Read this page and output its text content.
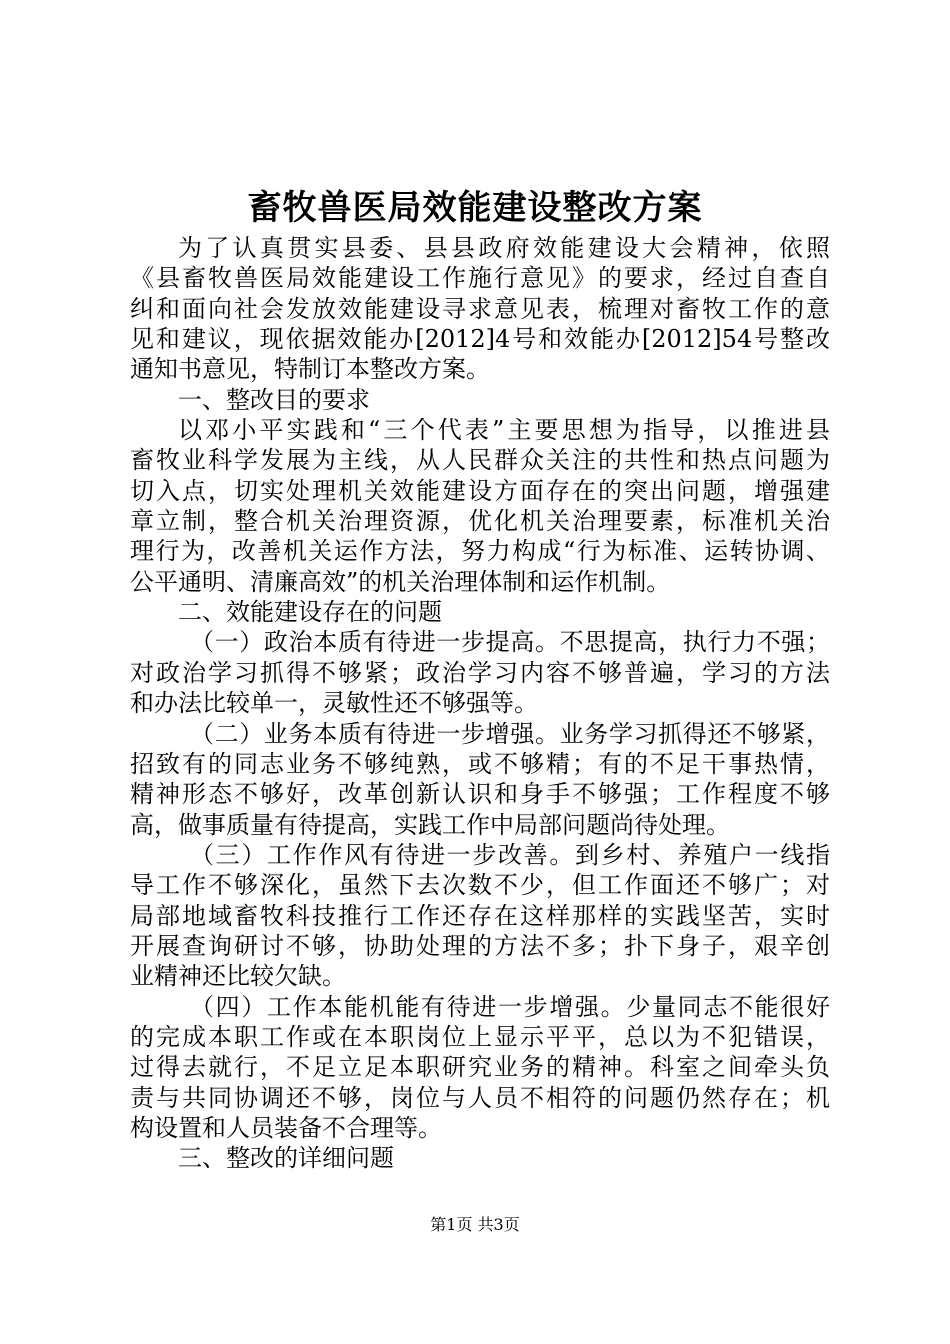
畜牧兽医局效能建设整改方案
为了认真贯实县委、县县政府效能建设大会精神，依照
《县畜牧兽医局效能建设工作施行意见》的要求，经过自查自
纠和面向社会发放效能建设寻求意见表，梳理对畜牧工作的意
见和建议，现依据效能办[2012]4号和效能办[2012]54号整改
通知书意见，特制订本整改方案。
一、整改目的要求
以邓小平实践和“三个代表”主要思想为指导，以推进县
畜牧业科学发展为主线，从人民群众关注的共性和热点问题为
切入点，切实处理机关效能建设方面存在的突出问题，增强建
章立制，整合机关治理资源，优化机关治理要素，标准机关治
理行为，改善机关运作方法，努力构成“行为标准、运转协调、
公平通明、清廉高效”的机关治理体制和运作机制。
二、效能建设存在的问题
（一）政治本质有待进一步提高。不思提高，执行力不强；
对政治学习抓得不够紧；政治学习内容不够普遍，学习的方法
和办法比较单一，灵敏性还不够强等。
（二）业务本质有待进一步增强。业务学习抓得还不够紧，
招致有的同志业务不够纯熟，或不够精；有的不足干事热情，
精神形态不够好，改革创新认识和身手不够强；工作程度不够
高，做事质量有待提高，实践工作中局部问题尚待处理。
（三）工作作风有待进一步改善。到乡村、养殖户一线指
导工作不够深化，虽然下去次数不少，但工作面还不够广；对
局部地域畜牧科技推行工作还存在这样那样的实践坚苦，实时
开展查询研讨不够，协助处理的方法不多；扑下身子，艰辛创
业精神还比较欠缺。
（四）工作本能机能有待进一步增强。少量同志不能很好
的完成本职工作或在本职岗位上显示平平，总以为不犯错误，
过得去就行，不足立足本职研究业务的精神。科室之间牵头负
责与共同协调还不够，岗位与人员不相符的问题仍然存在；机
构设置和人员装备不合理等。
三、整改的详细问题
第1页 共3页
